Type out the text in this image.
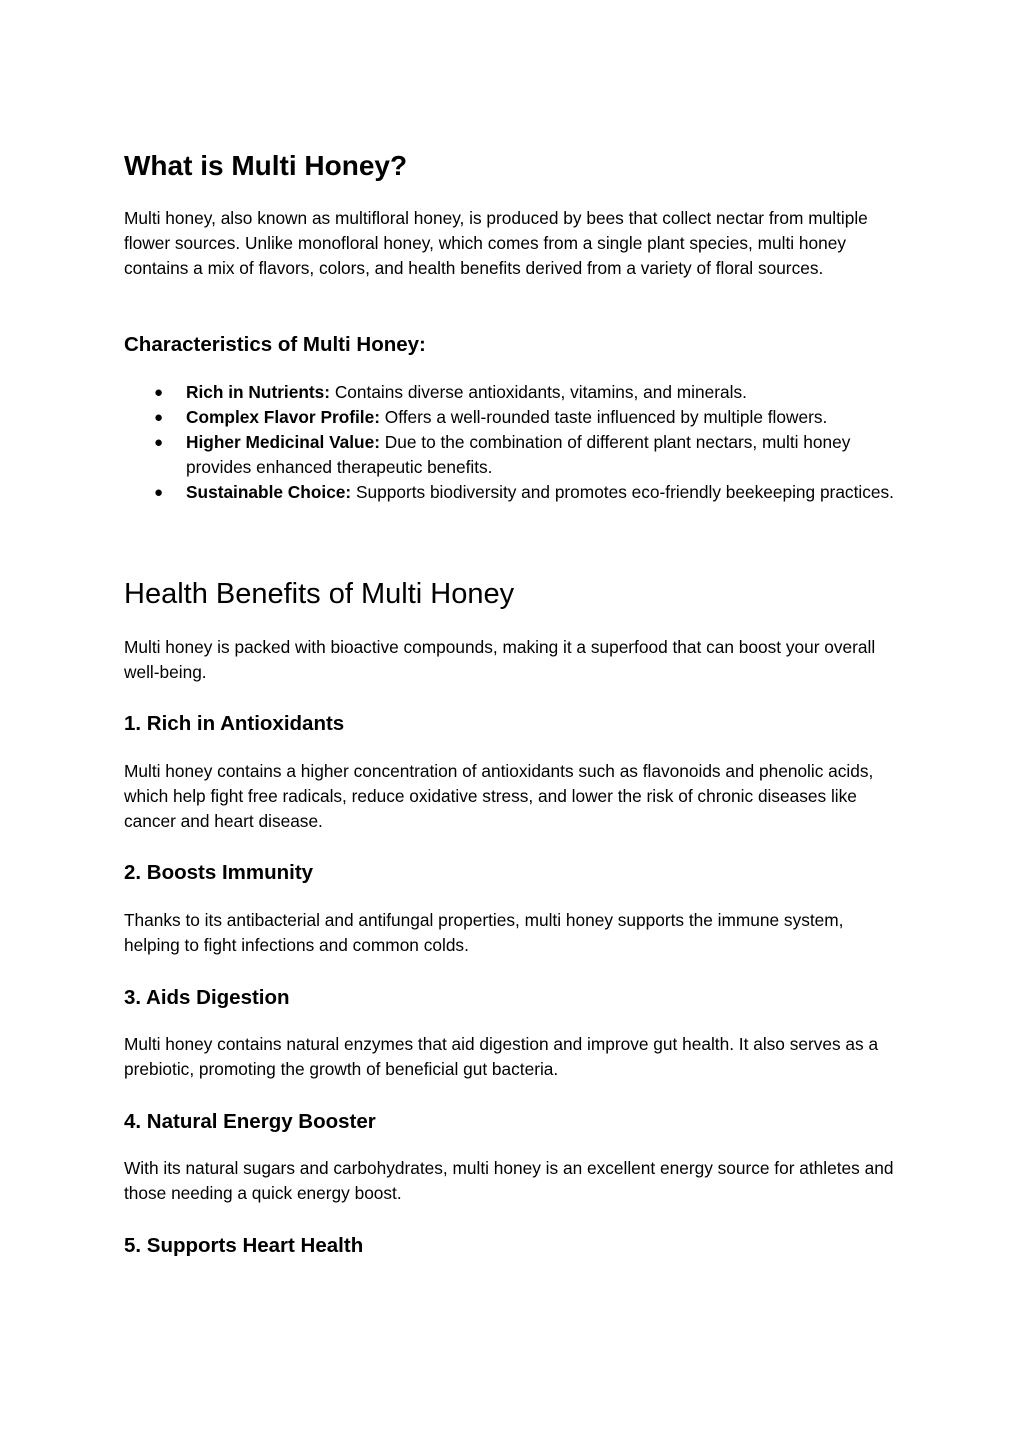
What is Multi Honey?

Multi honey, also known as multifloral honey, is produced by bees that collect nectar from multiple flower sources. Unlike monofloral honey, which comes from a single plant species, multi honey contains a mix of flavors, colors, and health benefits derived from a variety of floral sources.

Characteristics of Multi Honey:
● Rich in Nutrients: Contains diverse antioxidants, vitamins, and minerals.
● Complex Flavor Profile: Offers a well-rounded taste influenced by multiple flowers.
● Higher Medicinal Value: Due to the combination of different plant nectars, multi honey provides enhanced therapeutic benefits.
● Sustainable Choice: Supports biodiversity and promotes eco-friendly beekeeping practices.
Health Benefits of Multi Honey

Multi honey is packed with bioactive compounds, making it a superfood that can boost your overall well-being.

1. Rich in Antioxidants

Multi honey contains a higher concentration of antioxidants such as flavonoids and phenolic acids, which help fight free radicals, reduce oxidative stress, and lower the risk of chronic diseases like cancer and heart disease.

2. Boosts Immunity

Thanks to its antibacterial and antifungal properties, multi honey supports the immune system, helping to fight infections and common colds.

3. Aids Digestion

Multi honey contains natural enzymes that aid digestion and improve gut health. It also serves as a prebiotic, promoting the growth of beneficial gut bacteria.

4. Natural Energy Booster

With its natural sugars and carbohydrates, multi honey is an excellent energy source for athletes and those needing a quick energy boost.

5. Supports Heart Health
